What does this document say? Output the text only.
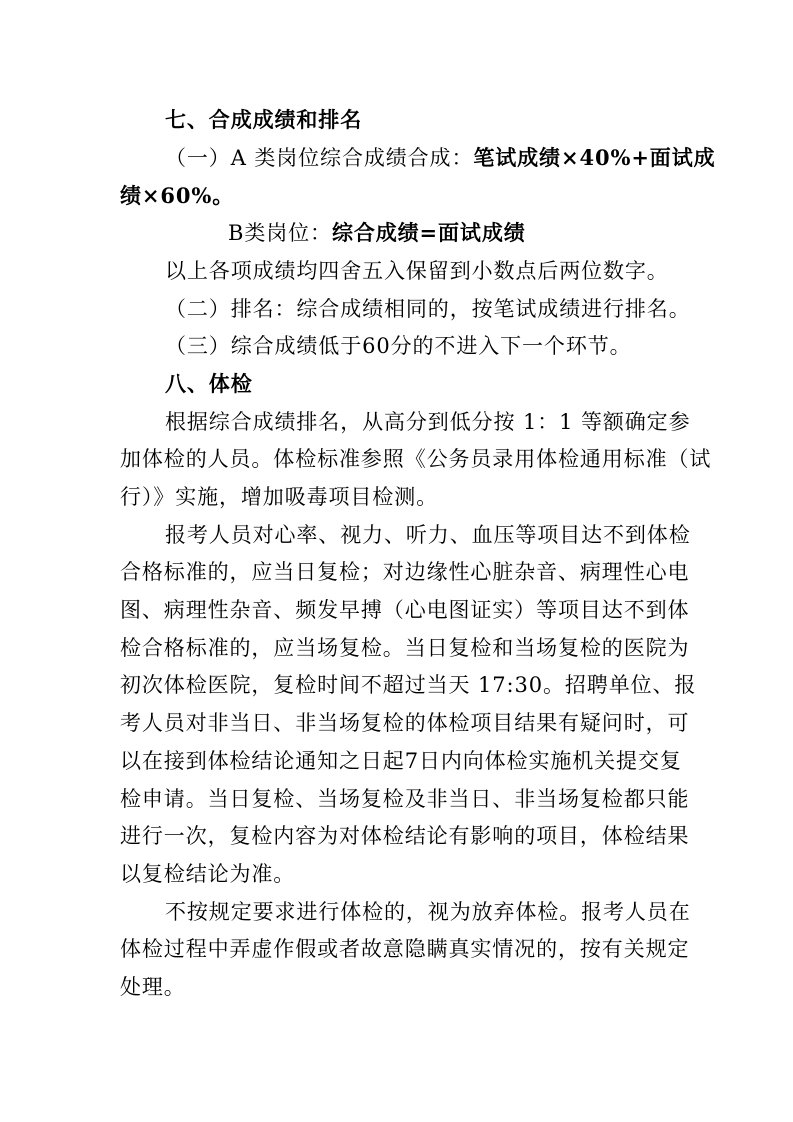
七、合成成绩和排名
（一）A 类岗位综合成绩合成：笔试成绩×40%+面试成
绩×60%。
B类岗位：综合成绩=面试成绩
以上各项成绩均四舍五入保留到小数点后两位数字。
（二）排名：综合成绩相同的，按笔试成绩进行排名。
（三）综合成绩低于60分的不进入下一个环节。
八、体检
根据综合成绩排名，从高分到低分按 1：1 等额确定参
加体检的人员。体检标准参照《公务员录用体检通用标准（试
行）》实施，增加吸毒项目检测。
报考人员对心率、视力、听力、血压等项目达不到体检
合格标准的，应当日复检；对边缘性心脏杂音、病理性心电
图、病理性杂音、频发早搏（心电图证实）等项目达不到体
检合格标准的，应当场复检。当日复检和当场复检的医院为
初次体检医院，复检时间不超过当天 17:30。招聘单位、报
考人员对非当日、非当场复检的体检项目结果有疑问时，可
以在接到体检结论通知之日起7日内向体检实施机关提交复
检申请。当日复检、当场复检及非当日、非当场复检都只能
进行一次，复检内容为对体检结论有影响的项目，体检结果
以复检结论为准。
不按规定要求进行体检的，视为放弃体检。报考人员在
体检过程中弄虚作假或者故意隐瞒真实情况的，按有关规定
处理。
